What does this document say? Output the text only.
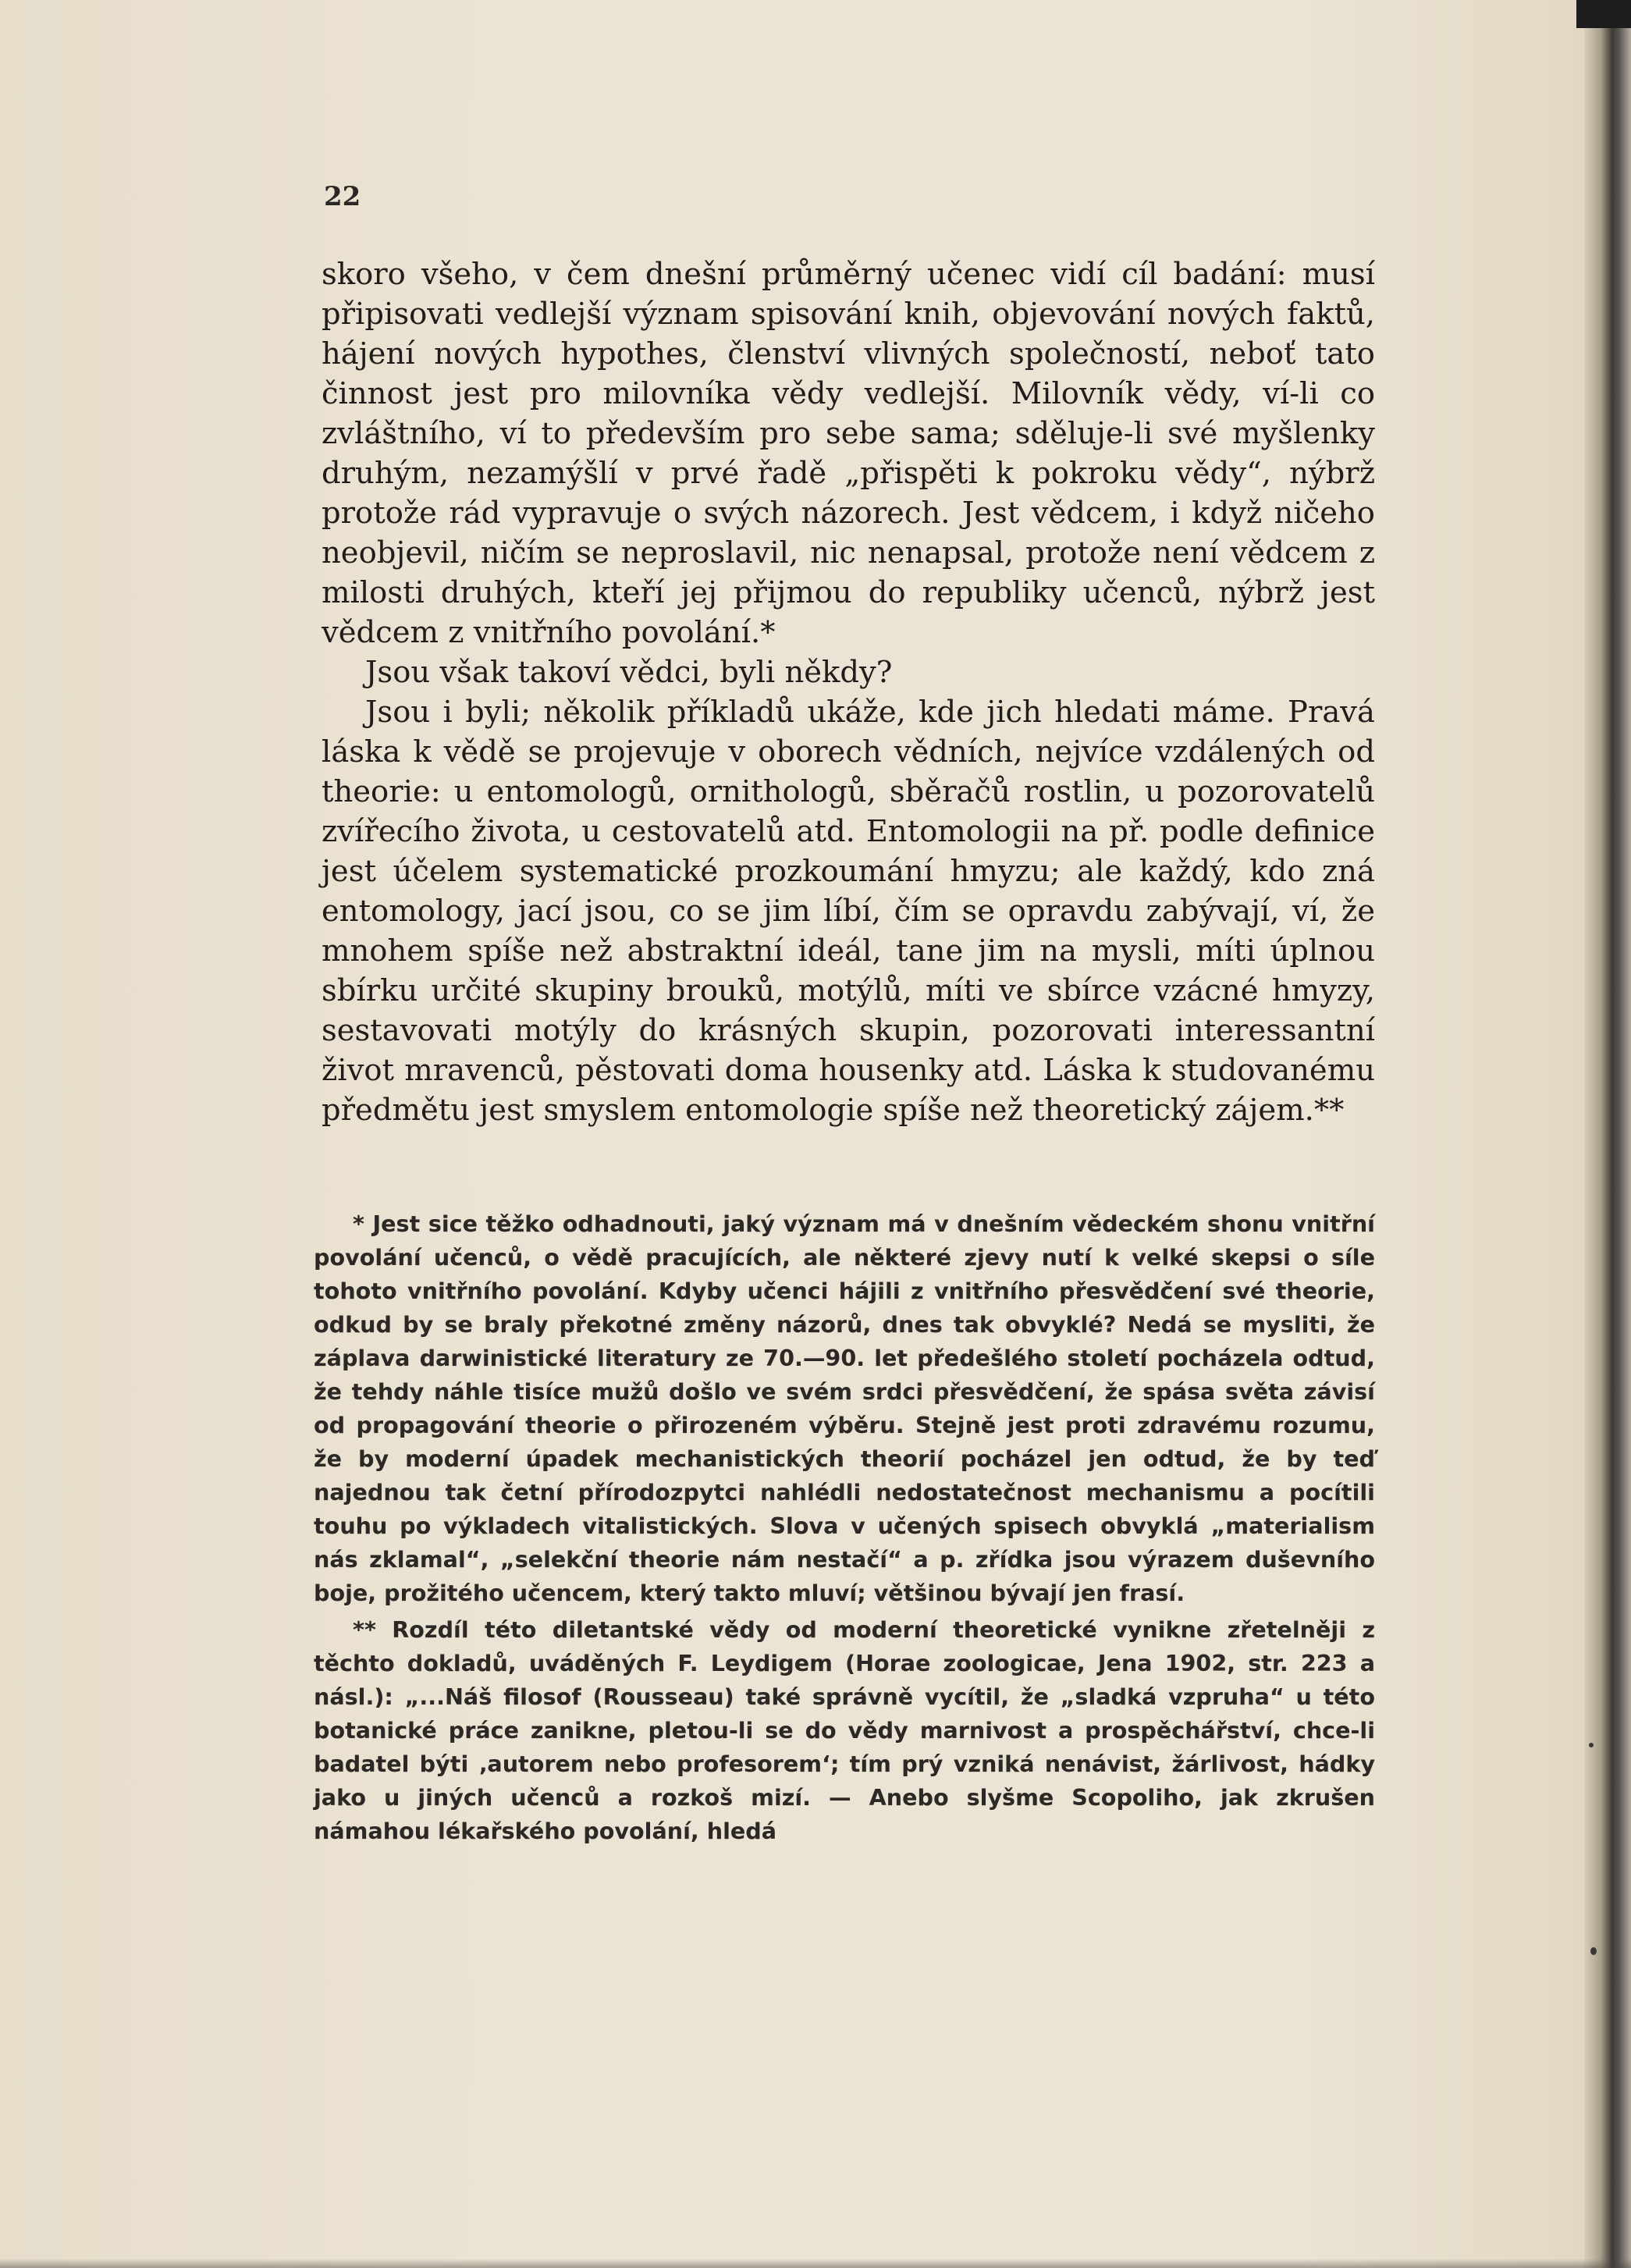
22

skoro všeho, v čem dnešní průměrný učenec vidí cíl badání: musí připisovati vedlejší význam spisování knih, objevování nových faktů, hájení nových hypothes, členství vlivných společností, neboť tato činnost jest pro milovníka vědy vedlejší. Milovník vědy, ví-li co zvláštního, ví to především pro sebe sama; sděluje-li své myšlenky druhým, nezamýšlí v prvé řadě „přispěti k pokroku vědy“, nýbrž protože rád vypravuje o svých názorech. Jest vědcem, i když ničeho neobjevil, ničím se neproslavil, nic nenapsal, protože není vědcem z milosti druhých, kteří jej přijmou do republiky učenců, nýbrž jest vědcem z vnitřního povolání.*

Jsou však takoví vědci, byli někdy?

Jsou i byli; několik příkladů ukáže, kde jich hledati máme. Pravá láska k vědě se projevuje v oborech vědních, nejvíce vzdálených od theorie: u entomologů, ornithologů, sběračů rostlin, u pozorovatelů zvířecího života, u cestovatelů atd. Entomologii na př. podle definice jest účelem systematické prozkoumání hmyzu; ale každý, kdo zná entomology, jací jsou, co se jim líbí, čím se opravdu zabývají, ví, že mnohem spíše než abstraktní ideál, tane jim na mysli, míti úplnou sbírku určité skupiny brouků, motýlů, míti ve sbírce vzácné hmyzy, sestavovati motýly do krásných skupin, pozorovati interessantní život mravenců, pěstovati doma housenky atd. Láska k studovanému předmětu jest smyslem entomologie spíše než theoretický zájem.**

* Jest sice těžko odhadnouti, jaký význam má v dnešním vědeckém shonu vnitřní povolání učenců, o vědě pracujících, ale některé zjevy nutí k velké skepsi o síle tohoto vnitřního povolání. Kdyby učenci hájili z vnitřního přesvědčení své theorie, odkud by se braly překotné změny názorů, dnes tak obvyklé? Nedá se mysliti, že záplava darwinistické literatury ze 70.—90. let předešlého století pocházela odtud, že tehdy náhle tisíce mužů došlo ve svém srdci přesvědčení, že spása světa závisí od propagování theorie o přirozeném výběru. Stejně jest proti zdravému rozumu, že by moderní úpadek mechanistických theorií pocházel jen odtud, že by teď najednou tak četní přírodozpytci nahlédli nedostatečnost mechanismu a pocítili touhu po výkladech vitalistických. Slova v učených spisech obvyklá „materialism nás zklamal“, „selekční theorie nám nestačí“ a p. zřídka jsou výrazem duševního boje, prožitého učencem, který takto mluví; většinou bývají jen frasí.

** Rozdíl této diletantské vědy od moderní theoretické vynikne zřetelněji z těchto dokladů, uváděných F. Leydigem (Horae zoologicae, Jena 1902, str. 223 a násl.): „...Náš filosof (Rousseau) také správně vycítil, že „sladká vzpruha“ u této botanické práce zanikne, pletou-li se do vědy marnivost a prospěchářství, chce-li badatel býti ‚autorem nebo profesorem‘; tím prý vzniká nenávist, žárlivost, hádky jako u jiných učenců a rozkoš mizí. — Anebo slyšme Scopoliho, jak zkrušen námahou lékařského povolání, hledá
